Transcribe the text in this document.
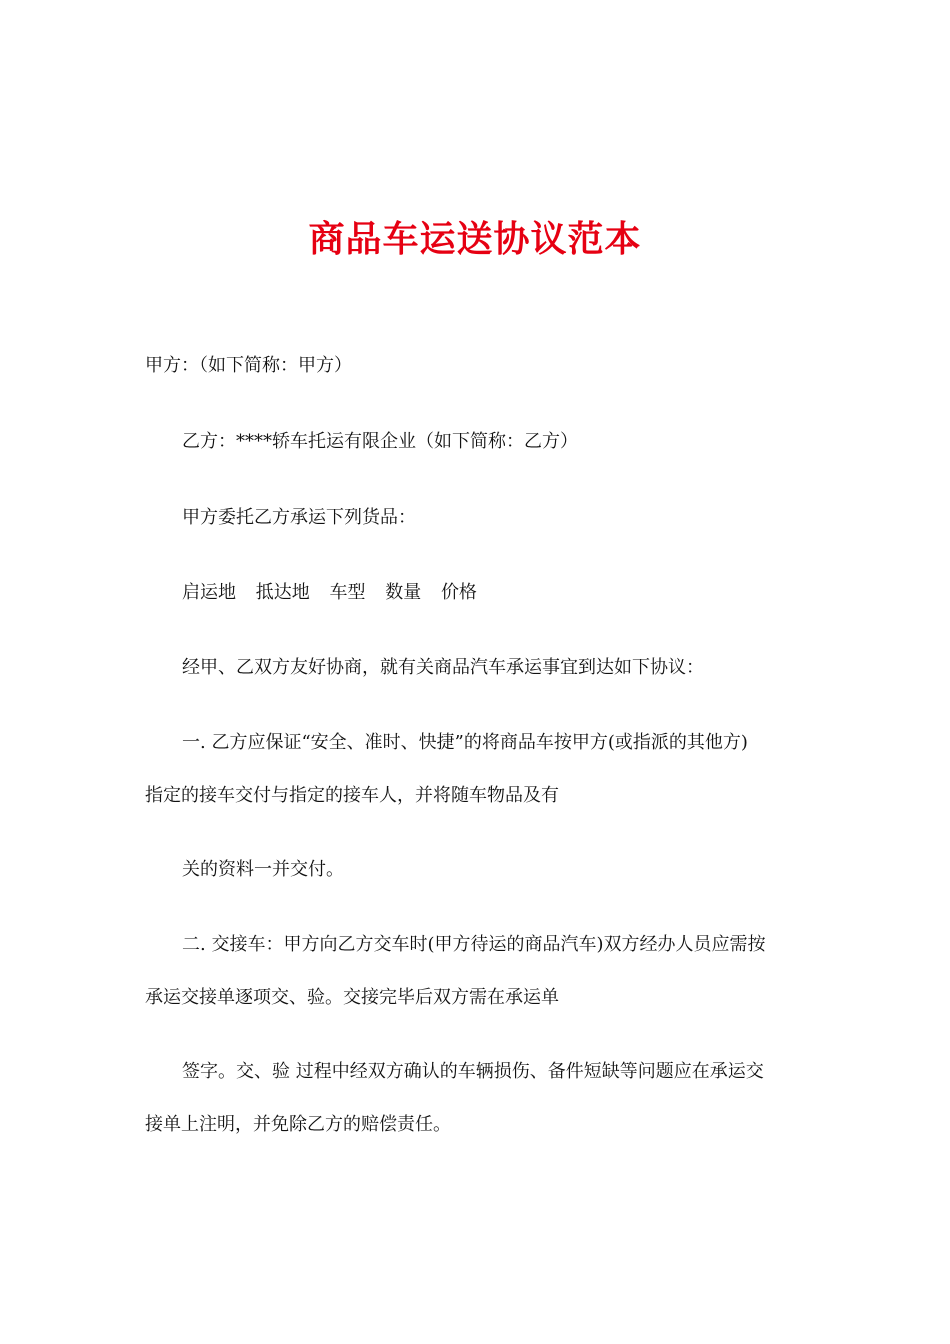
商品车运送协议范本
甲方：（如下简称：甲方）
乙方：****轿车托运有限企业（如下简称：乙方）
甲方委托乙方承运下列货品：
启运地 抵达地 车型 数量 价格
经甲、乙双方友好协商，就有关商品汽车承运事宜到达如下协议：
一. 乙方应保证“安全、准时、快捷”的将商品车按甲方(或指派的其他方)
指定的接车交付与指定的接车人，并将随车物品及有
关的资料一并交付。
二. 交接车：甲方向乙方交车时(甲方待运的商品汽车)双方经办人员应需按
承运交接单逐项交、验。交接完毕后双方需在承运单
签字。交、验 过程中经双方确认的车辆损伤、备件短缺等问题应在承运交
接单上注明，并免除乙方的赔偿责任。
